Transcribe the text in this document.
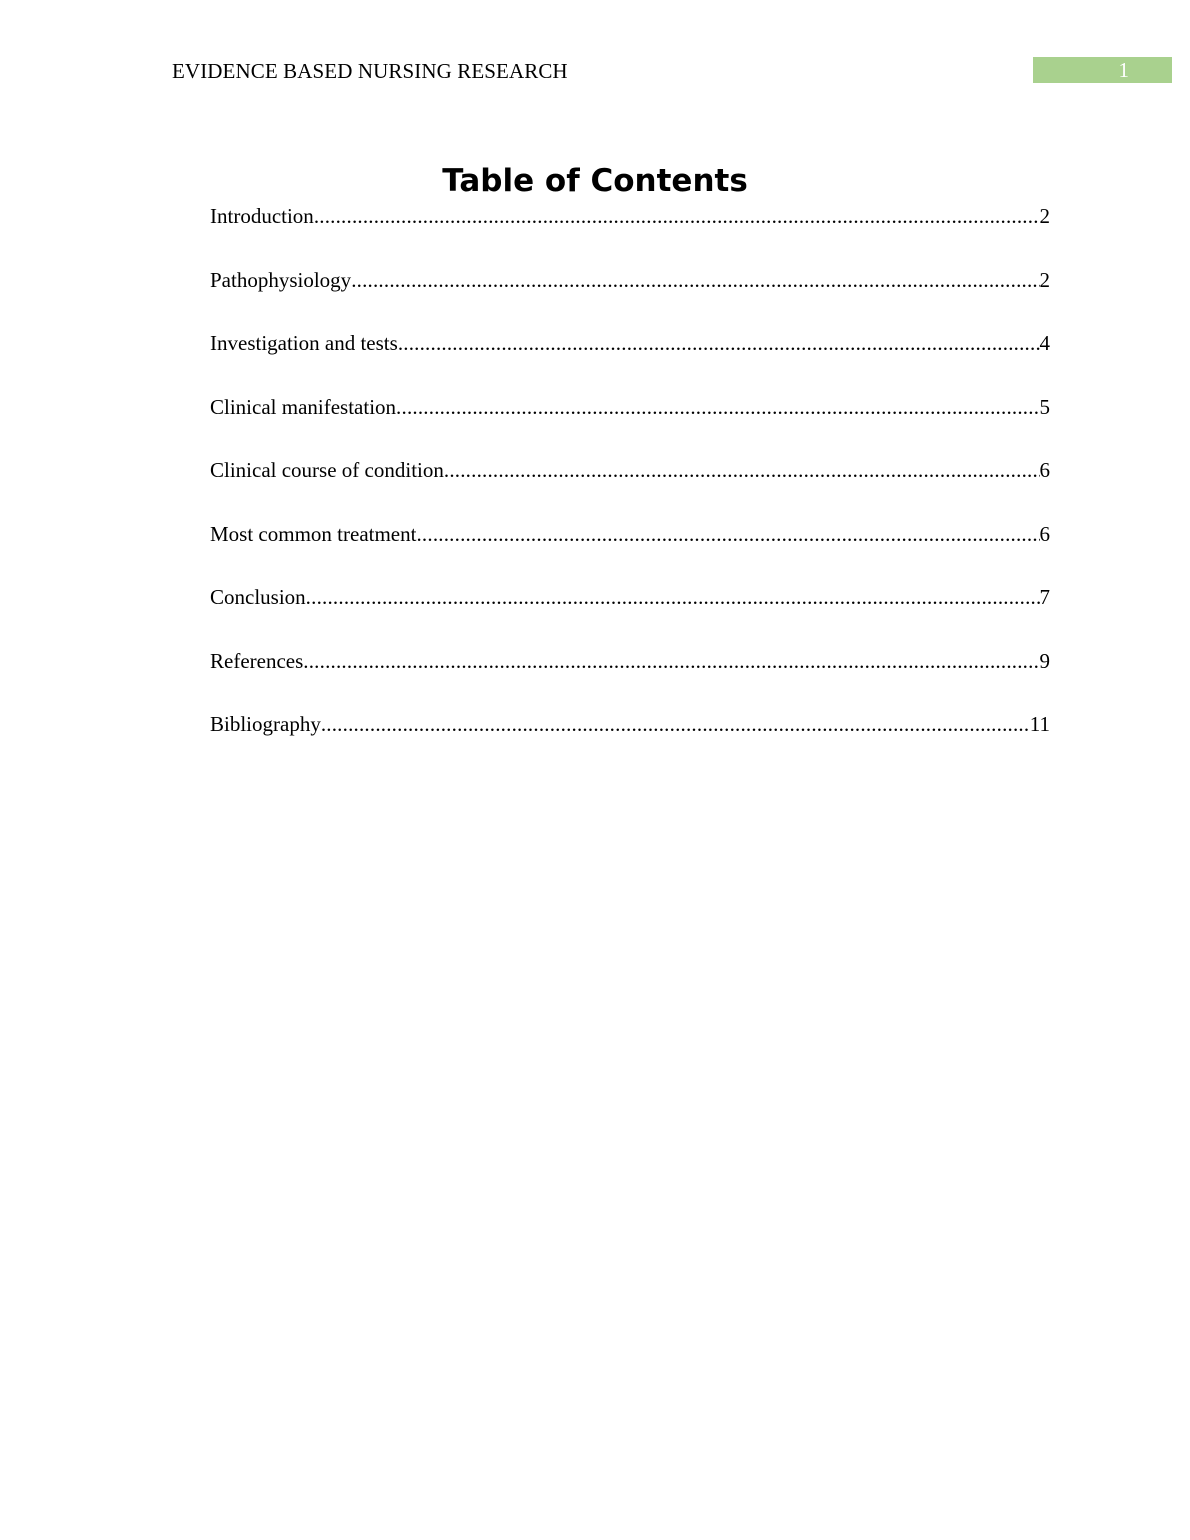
EVIDENCE BASED NURSING RESEARCH	1
Table of Contents
Introduction .....	2
Pathophysiology .....	2
Investigation and tests .....	4
Clinical manifestation .....	5
Clinical course of condition .....	6
Most common treatment .....	6
Conclusion .....	7
References .....	9
Bibliography .....	11
